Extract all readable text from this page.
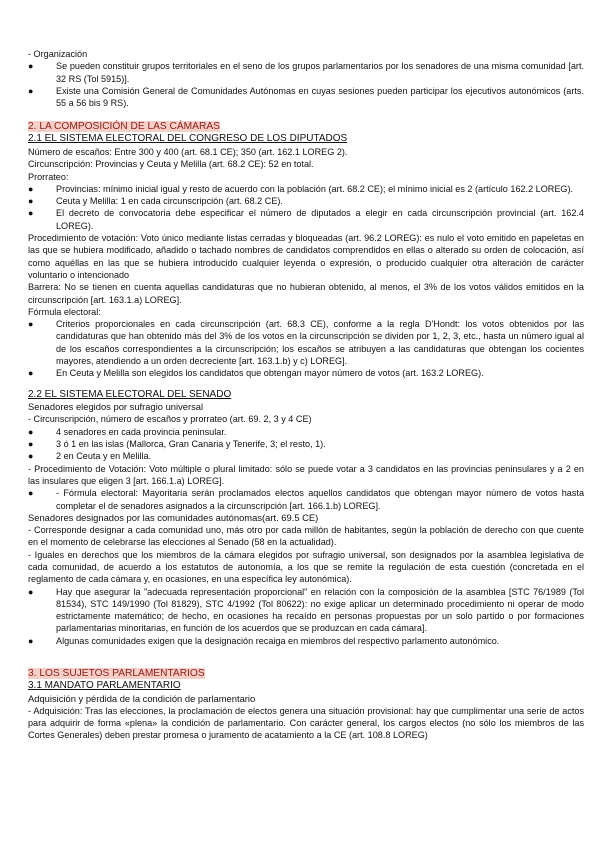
- Organización

●	Se pueden constituir grupos territoriales en el seno de los grupos parlamentarios por los senadores de una misma comunidad [art. 32 RS (Tol 5915)].
●	Existe una Comisión General de Comunidades Autónomas en cuyas sesiones pueden participar los ejecutivos autonómicos (arts. 55 a 56 bis 9 RS).

2. LA COMPOSICIÓN DE LAS CÁMARAS

2.1 EL SISTEMA ELECTORAL DEL CONGRESO DE LOS DIPUTADOS

Número de escaños: Entre 300 y 400 (art. 68.1 CE); 350 (art. 162.1 LOREG 2).

Circunscripción: Provincias y Ceuta y Melilla (art. 68.2 CE): 52 en total.

Prorrateo:

●	Provincias: mínimo inicial igual y resto de acuerdo con la población (art. 68.2 CE); el mínimo inicial es 2 (artículo 162.2 LOREG).
●	Ceuta y Melilla: 1 en cada circunscripción (art. 68.2 CE).
●	El decreto de convocatoria debe especificar el número de diputados a elegir en cada circunscripción provincial (art. 162.4 LOREG).

Procedimiento de votación: Voto único mediante listas cerradas y bloqueadas (art. 96.2 LOREG): es nulo el voto emitido en papeletas en las que se hubiera modificado, añadido o tachado nombres de candidatos comprendidos en ellas o alterado su orden de colocación, así como aquéllas en las que se hubiera introducido cualquier leyenda o expresión, o producido cualquier otra alteración de carácter voluntario o intencionado

Barrera: No se tienen en cuenta aquellas candidaturas que no hubieran obtenido, al menos, el 3% de los votos válidos emitidos en la circunscripción [art. 163.1.a) LOREG].

Fórmula electoral:

●	Criterios proporcionales en cada circunscripción (art. 68.3 CE), conforme a la regla D'Hondt: los votos obtenidos por las candidaturas que han obtenido más del 3% de los votos en la circunscripción se dividen por 1, 2, 3, etc., hasta un número igual al de los escaños correspondientes a la circunscripción; los escaños se atribuyen a las candidaturas que obtengan los cocientes mayores, atendiendo a un orden decreciente [art. 163.1.b) y c) LOREG].
●	En Ceuta y Melilla son elegidos los candidatos que obtengan mayor número de votos (art. 163.2 LOREG).

2.2 EL SISTEMA ELECTORAL DEL SENADO

Senadores elegidos por sufragio universal

- Circunscripción, número de escaños y prorrateo (art. 69. 2, 3 y 4 CE)

●	4 senadores en cada provincia peninsular.
●	3 ó 1 en las islas (Mallorca, Gran Canaria y Tenerife, 3; el resto, 1).
●	2 en Ceuta y en Melilla.

- Procedimiento de Votación: Voto múltiple o plural limitado: sólo se puede votar a 3 candidatos en las provincias peninsulares y a 2 en las insulares que eligen 3 [art. 166.1.a) LOREG].

●	- Fórmula electoral: Mayoritaria serán proclamados electos aquellos candidatos que obtengan mayor número de votos hasta completar el de senadores asignados a la circunscripción [art. 166.1.b) LOREG].

Senadores designados por las comunidades autónomas(art. 69.5 CE)

- Corresponde designar a cada comunidad uno, más otro por cada millón de habitantes, según la población de derecho con que cuente en el momento de celebrarse las elecciones al Senado (58 en la actualidad).

- Iguales en derechos que los miembros de la cámara elegidos por sufragio universal, son designados por la asamblea legislativa de cada comunidad, de acuerdo a los estatutos de autonomía, a los que se remite la regulación de esta cuestión (concretada en el reglamento de cada cámara y, en ocasiones, en una específica ley autonómica).

●	Hay que asegurar la "adecuada representación proporcional" en relación con la composición de la asamblea [STC 76/1989 (Tol 81534), STC 149/1990 (Tol 81829), STC 4/1992 (Tol 80622): no exige aplicar un determinado procedimiento ni operar de modo estrictamente matemático; de hecho, en ocasiones ha recaído en personas propuestas por un solo partido o por formaciones parlamentarias minoritarias, en función de los acuerdos que se produzcan en cada cámara].
●	Algunas comunidades exigen que la designación recaiga en miembros del respectivo parlamento autonómico.

3. LOS SUJETOS PARLAMENTARIOS

3.1 MANDATO PARLAMENTARIO

Adquisición y pérdida de la condición de parlamentario

- Adquisición: Tras las elecciones, la proclamación de electos genera una situación provisional: hay que cumplimentar una serie de actos para adquirir de forma «plena» la condición de parlamentario. Con carácter general, los cargos electos (no sólo los miembros de las Cortes Generales) deben prestar promesa o juramento de acatamiento a la CE (art. 108.8 LOREG)
